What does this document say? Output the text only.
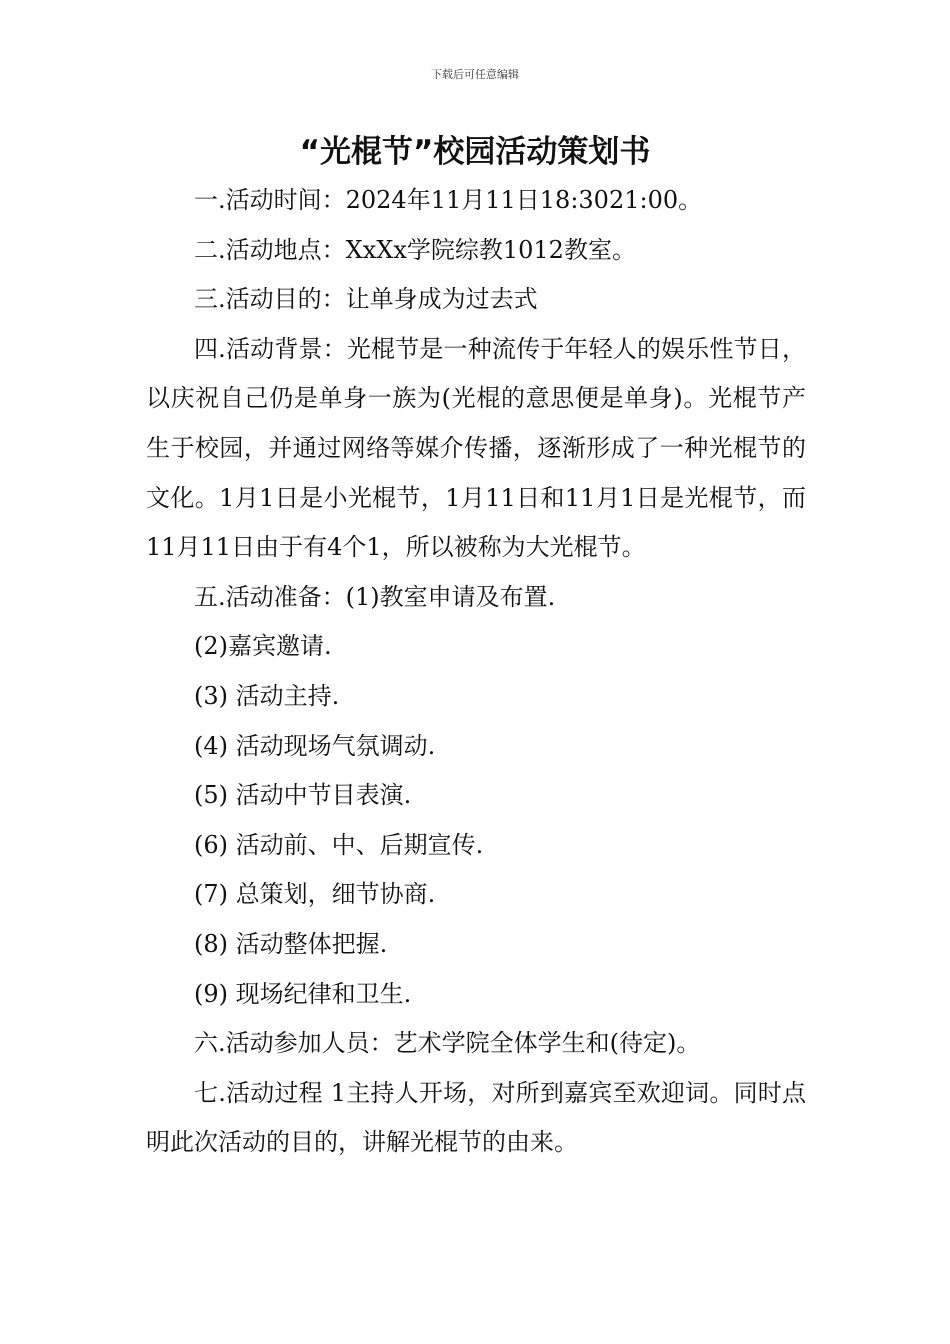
下载后可任意编辑
“光棍节”校园活动策划书

一.活动时间：2024年11月11日18:3021:00。

二.活动地点：XxXx学院综教1012教室。

三.活动目的：让单身成为过去式

四.活动背景：光棍节是一种流传于年轻人的娱乐性节日，以庆祝自己仍是单身一族为(光棍的意思便是单身)。光棍节产生于校园，并通过网络等媒介传播，逐渐形成了一种光棍节的文化。1月1日是小光棍节，1月11日和11月1日是光棍节，而11月11日由于有4个1，所以被称为大光棍节。

五.活动准备：(1)教室申请及布置.

(2)嘉宾邀请.

(3) 活动主持.

(4) 活动现场气氛调动.

(5) 活动中节目表演.

(6) 活动前、中、后期宣传.

(7) 总策划，细节协商.

(8) 活动整体把握.

(9) 现场纪律和卫生.

六.活动参加人员：艺术学院全体学生和(待定)。

七.活动过程 1主持人开场，对所到嘉宾至欢迎词。同时点明此次活动的目的，讲解光棍节的由来。
